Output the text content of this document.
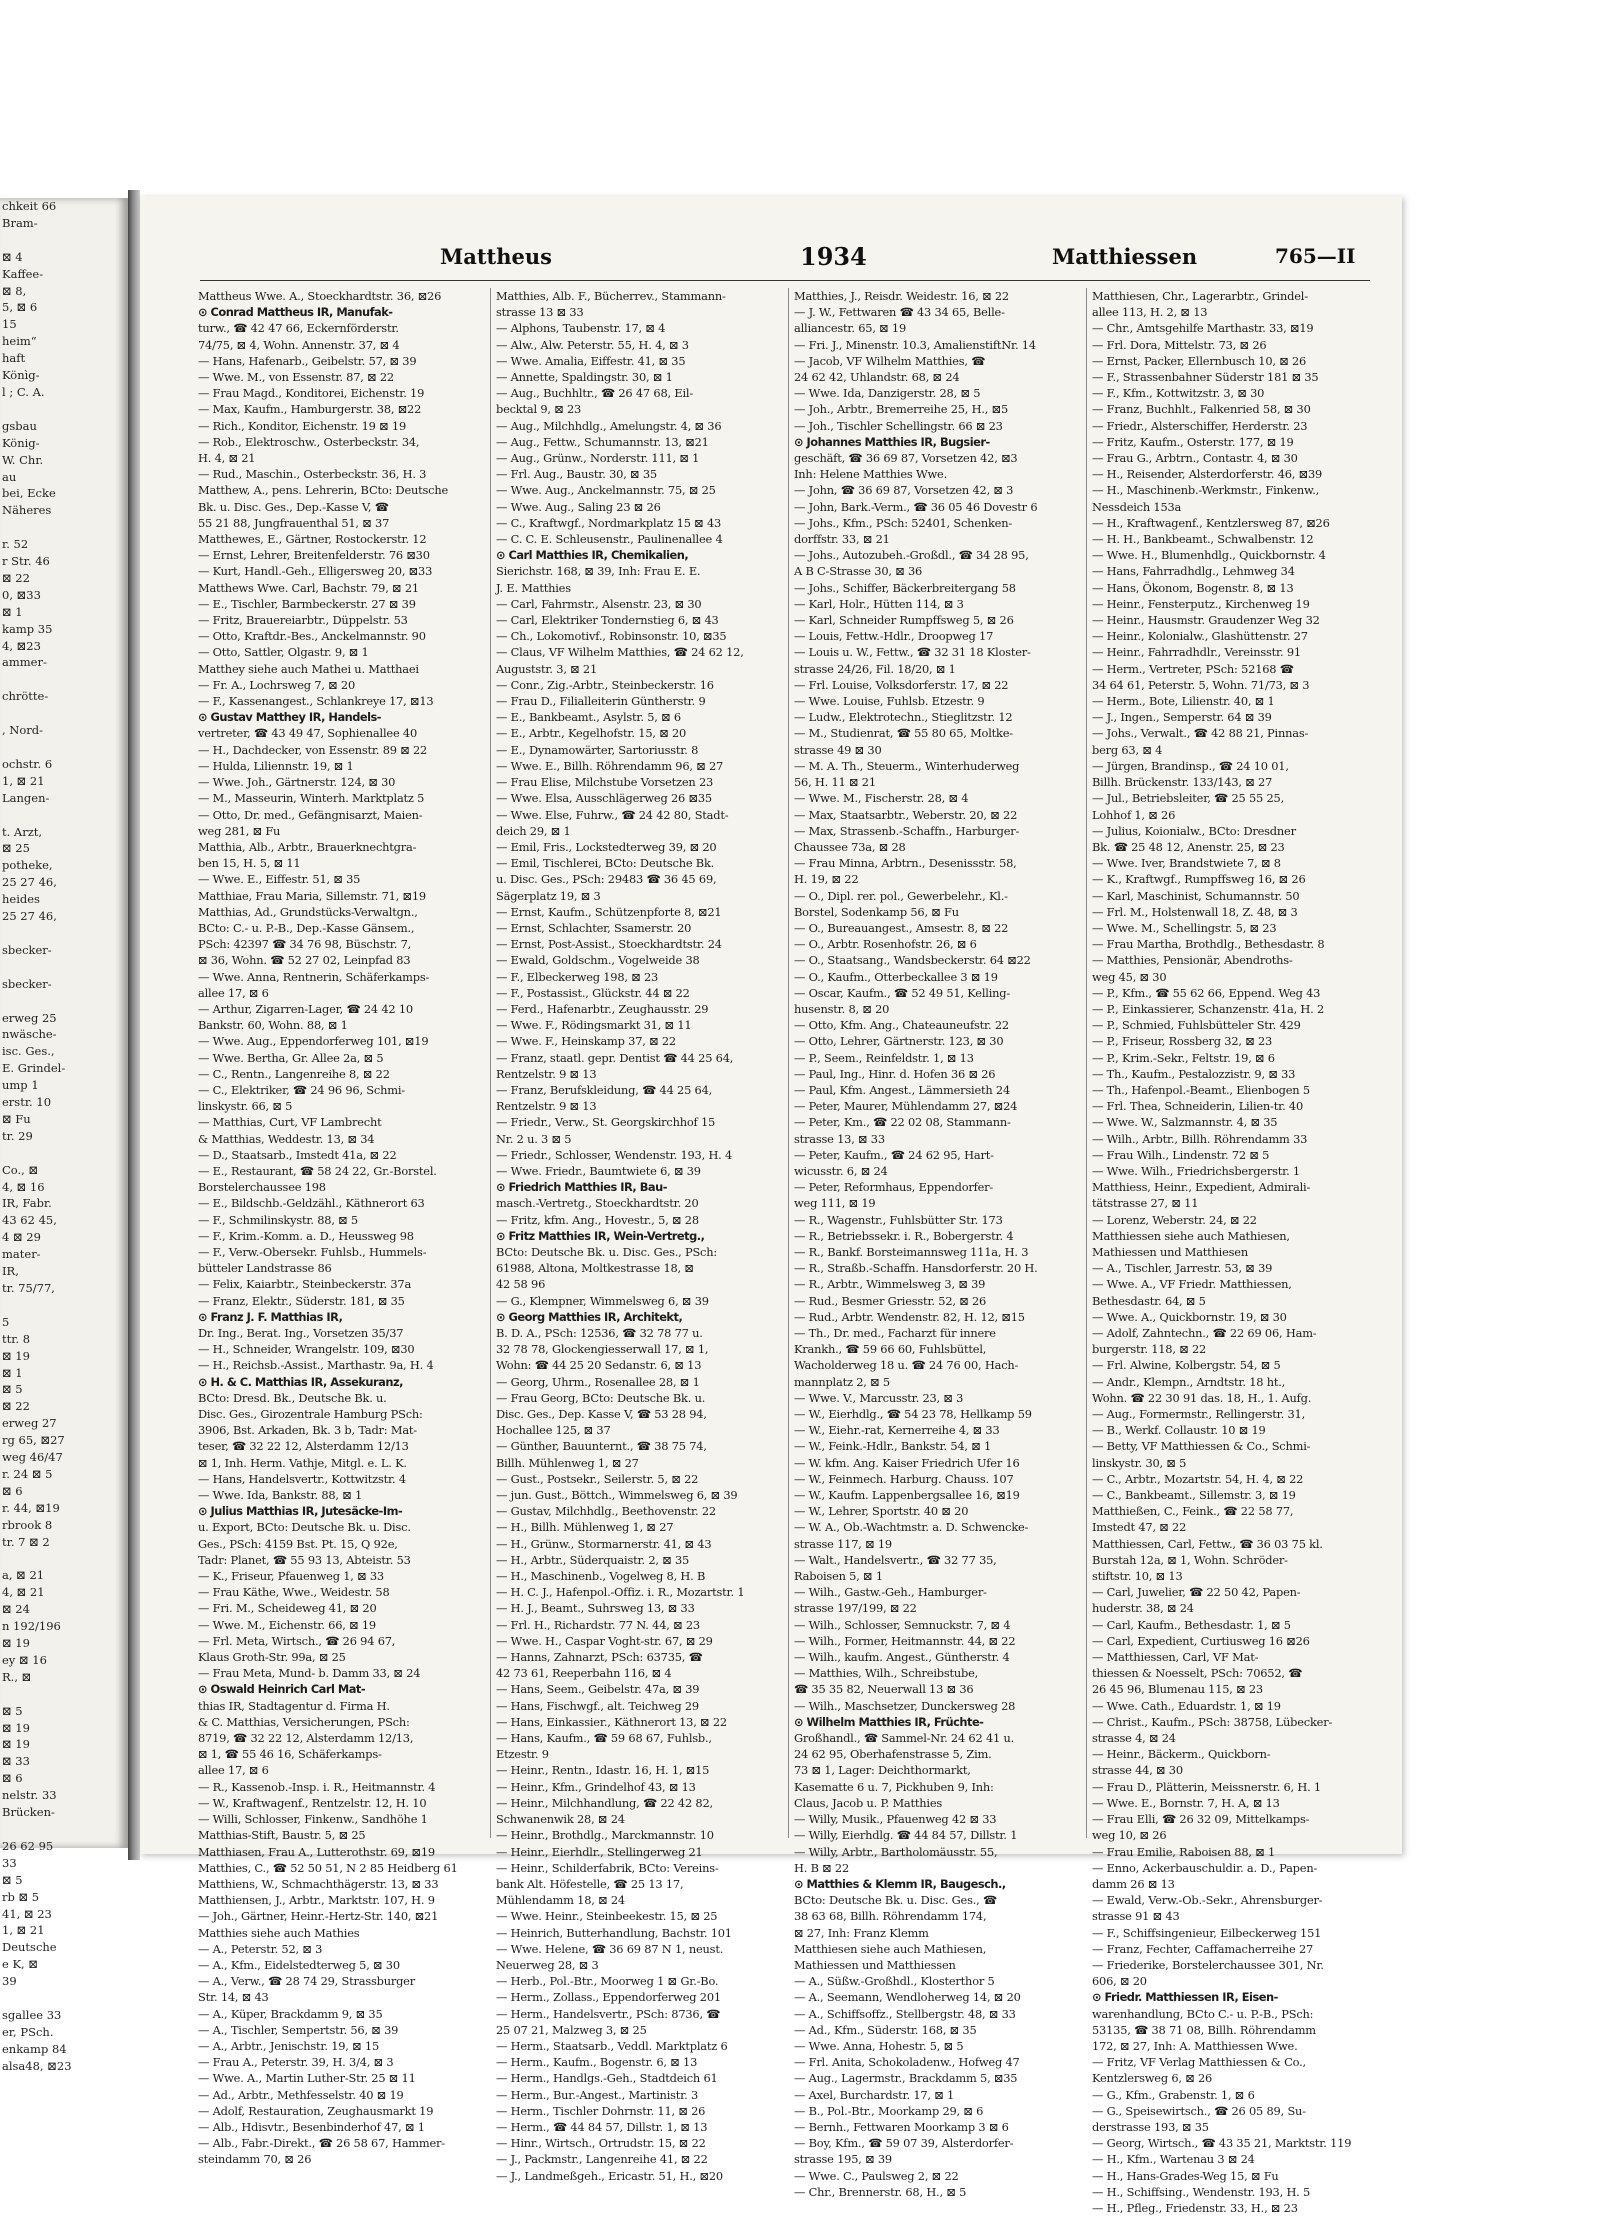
chkeit 66

Bram-

⊠ 4

Kaffee-

⊠ 8,

5, ⊠ 6

15

heim“

haft

Könìg-

l ; C. A.

gsbau

König-

W. Chr.

au

bei, Ecke

Näheres

r. 52

r Str. 46

⊠ 22

0, ⊠33

⊠ 1

kamp 35

4, ⊠23

ammer-

chrötte-

, Nord-

ochstr. 6

1, ⊠ 21

Langen-

t. Arzt,

⊠ 25

potheke,

25 27 46,

heides

25 27 46,

sbecker-

sbecker-

erweg 25

nwäsche-

isc. Ges.,

E. Grindel-

ump 1

erstr. 10

⊠ Fu

tr. 29

Co., ⊠

4, ⊠ 16

IR, Fabr.

43 62 45,

4 ⊠ 29

mater-

IR,

tr. 75/77,

5

ttr. 8

⊠ 19

⊠ 1

⊠ 5

⊠ 22

erweg 27

rg 65, ⊠27

weg 46/47

r. 24 ⊠ 5

⊠ 6

r. 44, ⊠19

rbrook 8

tr. 7 ⊠ 2

a, ⊠ 21

4, ⊠ 21

⊠ 24

n 192/196

⊠ 19

ey ⊠ 16

R., ⊠

⊠ 5

⊠ 19

⊠ 19

⊠ 33

⊠ 6

nelstr. 33

Brücken-

26 62 95

33

⊠ 5

rb ⊠ 5

41, ⊠ 23

1, ⊠ 21

Deutsche

e K, ⊠

39

sgallee 33

er, PSch.

enkamp 84

alsa48, ⊠23

Mattheus	1934	Matthiessen	765—II

Mattheus Wwe. A., Stoeckhardtstr. 36, ⊠26

⊙ Conrad Mattheus IR, Manufak-

turw., ☎ 42 47 66, Eckernförderstr.

74/75, ⊠ 4, Wohn. Annenstr. 37, ⊠ 4

— Hans, Hafenarb., Geibelstr. 57, ⊠ 39

— Wwe. M., von Essenstr. 87, ⊠ 22

— Frau Magd., Konditorei, Eichenstr. 19

— Max, Kaufm., Hamburgerstr. 38, ⊠22

— Rich., Konditor, Eichenstr. 19 ⊠ 19

— Rob., Elektroschw., Osterbeckstr. 34,

H. 4, ⊠ 21

— Rud., Maschin., Osterbeckstr. 36, H. 3

Matthew, A., pens. Lehrerin, BCto: Deutsche

Bk. u. Disc. Ges., Dep.-Kasse V, ☎

55 21 88, Jungfrauenthal 51, ⊠ 37

Matthewes, E., Gärtner, Rostockerstr. 12

— Ernst, Lehrer, Breitenfelderstr. 76 ⊠30

— Kurt, Handl.-Geh., Elligersweg 20, ⊠33

Matthews Wwe. Carl, Bachstr. 79, ⊠ 21

— E., Tischler, Barmbeckerstr. 27 ⊠ 39

— Fritz, Brauereiarbtr., Düppelstr. 53

— Otto, Kraftdr.-Bes., Anckelmannstr. 90

— Otto, Sattler, Olgastr. 9, ⊠ 1

Matthey siehe auch Mathei u. Matthaei

— Fr. A., Lochrsweg 7, ⊠ 20

— F., Kassenangest., Schlankreye 17, ⊠13

⊙ Gustav Matthey IR, Handels-

vertreter, ☎ 43 49 47, Sophienallee 40

— H., Dachdecker, von Essenstr. 89 ⊠ 22

— Hulda, Liliennstr. 19, ⊠ 1

— Wwe. Joh., Gärtnerstr. 124, ⊠ 30

— M., Masseurin, Winterh. Marktplatz 5

— Otto, Dr. med., Gefängnisarzt, Maien-

weg 281, ⊠ Fu

Matthia, Alb., Arbtr., Brauerknechtgra-

ben 15, H. 5, ⊠ 11

— Wwe. E., Eiffestr. 51, ⊠ 35

Matthiae, Frau Maria, Sillemstr. 71, ⊠19

Matthias, Ad., Grundstücks-Verwaltgn.,

BCto: C.- u. P.-B., Dep.-Kasse Gänsem.,

PSch: 42397 ☎ 34 76 98, Büschstr. 7,

⊠ 36, Wohn. ☎ 52 27 02, Leinpfad 83

— Wwe. Anna, Rentnerin, Schäferkamps-

allee 17, ⊠ 6

— Arthur, Zigarren-Lager, ☎ 24 42 10

Bankstr. 60, Wohn. 88, ⊠ 1

— Wwe. Aug., Eppendorferweg 101, ⊠19

— Wwe. Bertha, Gr. Allee 2a, ⊠ 5

— C., Rentn., Langenreihe 8, ⊠ 22

— C., Elektriker, ☎ 24 96 96, Schmi-

linskystr. 66, ⊠ 5

— Matthias, Curt, VF Lambrecht

& Matthias, Weddestr. 13, ⊠ 34

— D., Staatsarb., Imstedt 41a, ⊠ 22

— E., Restaurant, ☎ 58 24 22, Gr.-Borstel.

Borstelerchaussee 198

— E., Bildschb.-Geldzähl., Käthnerort 63

— F., Schmilinskystr. 88, ⊠ 5

— F., Krim.-Komm. a. D., Heussweg 98

— F., Verw.-Obersekr. Fuhlsb., Hummels-

bütteler Landstrasse 86

— Felix, Kaiarbtr., Steinbeckerstr. 37a

— Franz, Elektr., Süderstr. 181, ⊠ 35

⊙ Franz J. F. Matthias IR,

Dr. Ing., Berat. Ing., Vorsetzen 35/37

— H., Schneider, Wrangelstr. 109, ⊠30

— H., Reichsb.-Assist., Marthastr. 9a, H. 4

⊙ H. & C. Matthias IR, Assekuranz,

BCto: Dresd. Bk., Deutsche Bk. u.

Disc. Ges., Girozentrale Hamburg PSch:

3906, Bst. Arkaden, Bk. 3 b, Tadr: Mat-

teser, ☎ 32 22 12, Alsterdamm 12/13

⊠ 1, Inh. Herm. Vathje, Mitgl. e. L. K.

— Hans, Handelsvertr., Kottwitzstr. 4

— Wwe. Ida, Bankstr. 88, ⊠ 1

⊙ Julius Matthias IR, Jutesäcke-Im-

u. Export, BCto: Deutsche Bk. u. Disc.

Ges., PSch: 4159 Bst. Pt. 15, Q 92e,

Tadr: Planet, ☎ 55 93 13, Abteistr. 53

— K., Friseur, Pfauenweg 1, ⊠ 33

— Frau Käthe, Wwe., Weidestr. 58

— Fri. M., Scheideweg 41, ⊠ 20

— Wwe. M., Eichenstr. 66, ⊠ 19

— Frl. Meta, Wirtsch., ☎ 26 94 67,

Klaus Groth-Str. 99a, ⊠ 25

— Frau Meta, Mund- b. Damm 33, ⊠ 24

⊙ Oswald Heinrich Carl Mat-

thias IR, Stadtagentur d. Firma H.

& C. Matthias, Versicherungen, PSch:

8719, ☎ 32 22 12, Alsterdamm 12/13,

⊠ 1, ☎ 55 46 16, Schäferkamps-

allee 17, ⊠ 6

— R., Kassenob.-Insp. i. R., Heitmannstr. 4

— W., Kraftwagenf., Rentzelstr. 12, H. 10

— Willi, Schlosser, Finkenw., Sandhöhe 1

Matthias-Stift, Baustr. 5, ⊠ 25

Matthiasen, Frau A., Lutterothstr. 69, ⊠19

Matthies, C., ☎ 52 50 51, N 2 85 Heidberg 61

Matthiens, W., Schmachthägerstr. 13, ⊠ 33

Matthiensen, J., Arbtr., Marktstr. 107, H. 9

— Joh., Gärtner, Heinr.-Hertz-Str. 140, ⊠21

Matthies siehe auch Mathies

— A., Peterstr. 52, ⊠ 3

— A., Kfm., Eidelstedterweg 5, ⊠ 30

— A., Verw., ☎ 28 74 29, Strassburger

Str. 14, ⊠ 43

— A., Küper, Brackdamm 9, ⊠ 35

— A., Tischler, Sempertstr. 56, ⊠ 39

— A., Arbtr., Jenischstr. 19, ⊠ 15

— Frau A., Peterstr. 39, H. 3/4, ⊠ 3

— Wwe. A., Martin Luther-Str. 25 ⊠ 11

— Ad., Arbtr., Methfesselstr. 40 ⊠ 19

— Adolf, Restauration, Zeughausmarkt 19

— Alb., Hdisvtr., Besenbinderhof 47, ⊠ 1

— Alb., Fabr.-Direkt., ☎ 26 58 67, Hammer-

steindamm 70, ⊠ 26

Matthies, Alb. F., Bücherrev., Stammann-

strasse 13 ⊠ 33

— Alphons, Taubenstr. 17, ⊠ 4

— Alw., Alw. Peterstr. 55, H. 4, ⊠ 3

— Wwe. Amalia, Eiffestr. 41, ⊠ 35

— Annette, Spaldingstr. 30, ⊠ 1

— Aug., Buchhltr., ☎ 26 47 68, Eil-

becktal 9, ⊠ 23

— Aug., Milchhdlg., Amelungstr. 4, ⊠ 36

— Aug., Fettw., Schumannstr. 13, ⊠21

— Aug., Grünw., Norderstr. 111, ⊠ 1

— Frl. Aug., Baustr. 30, ⊠ 35

— Wwe. Aug., Anckelmannstr. 75, ⊠ 25

— Wwe. Aug., Saling 23 ⊠ 26

— C., Kraftwgf., Nordmarkplatz 15 ⊠ 43

— C. C. E. Schleusenstr., Paulinenallee 4

⊙ Carl Matthies IR, Chemikalien,

Sierichstr. 168, ⊠ 39, Inh: Frau E. E.

J. E. Matthies

— Carl, Fahrmstr., Alsenstr. 23, ⊠ 30

— Carl, Elektriker Tondernstieg 6, ⊠ 43

— Ch., Lokomotivf., Robinsonstr. 10, ⊠35

— Claus, VF Wilhelm Matthies, ☎ 24 62 12,

Auguststr. 3, ⊠ 21

— Conr., Zig.-Arbtr., Steinbeckerstr. 16

— Frau D., Filialleiterin Güntherstr. 9

— E., Bankbeamt., Asylstr. 5, ⊠ 6

— E., Arbtr., Kegelhofstr. 15, ⊠ 20

— E., Dynamowärter, Sartoriusstr. 8

— Wwe. E., Billh. Röhrendamm 96, ⊠ 27

— Frau Elise, Milchstube Vorsetzen 23

— Wwe. Elsa, Ausschlägerweg 26 ⊠35

— Wwe. Else, Fuhrw., ☎ 24 42 80, Stadt-

deich 29, ⊠ 1

— Emil, Fris., Lockstedterweg 39, ⊠ 20

— Emil, Tischlerei, BCto: Deutsche Bk.

u. Disc. Ges., PSch: 29483 ☎ 36 45 69,

Sägerplatz 19, ⊠ 3

— Ernst, Kaufm., Schützenpforte 8, ⊠21

— Ernst, Schlachter, Ssamerstr. 20

— Ernst, Post-Assist., Stoeckhardtstr. 24

— Ewald, Goldschm., Vogelweide 38

— F., Elbeckerweg 198, ⊠ 23

— F., Postassist., Glückstr. 44 ⊠ 22

— Ferd., Hafenarbtr., Zeughausstr. 29

— Wwe. F., Rödingsmarkt 31, ⊠ 11

— Wwe. F., Heinskamp 37, ⊠ 22

— Franz, staatl. gepr. Dentist ☎ 44 25 64,

Rentzelstr. 9 ⊠ 13

— Franz, Berufskleidung, ☎ 44 25 64,

Rentzelstr. 9 ⊠ 13

— Friedr., Verw., St. Georgskirchhof 15

Nr. 2 u. 3 ⊠ 5

— Friedr., Schlosser, Wendenstr. 193, H. 4

— Wwe. Friedr., Baumtwiete 6, ⊠ 39

⊙ Friedrich Matthies IR, Bau-

masch.-Vertretg., Stoeckhardtstr. 20

— Fritz, kfm. Ang., Hovestr., 5, ⊠ 28

⊙ Fritz Matthies IR, Wein-Vertretg.,

BCto: Deutsche Bk. u. Disc. Ges., PSch:

61988, Altona, Moltkestrasse 18, ⊠

42 58 96

— G., Klempner, Wimmelsweg 6, ⊠ 39

⊙ Georg Matthies IR, Architekt,

B. D. A., PSch: 12536, ☎ 32 78 77 u.

32 78 78, Glockengiesserwall 17, ⊠ 1,

Wohn: ☎ 44 25 20 Sedanstr. 6, ⊠ 13

— Georg, Uhrm., Rosenallee 28, ⊠ 1

— Frau Georg, BCto: Deutsche Bk. u.

Disc. Ges., Dep. Kasse V, ☎ 53 28 94,

Hochallee 125, ⊠ 37

— Günther, Bauunternt., ☎ 38 75 74,

Billh. Mühlenweg 1, ⊠ 27

— Gust., Postsekr., Seilerstr. 5, ⊠ 22

— jun. Gust., Böttch., Wimmelsweg 6, ⊠ 39

— Gustav, Milchhdlg., Beethovenstr. 22

— H., Billh. Mühlenweg 1, ⊠ 27

— H., Grünw., Stormarnerstr. 41, ⊠ 43

— H., Arbtr., Süderquaistr. 2, ⊠ 35

— H., Maschinenb., Vogelweg 8, H. B

— H. C. J., Hafenpol.-Offiz. i. R., Mozartstr. 1

— H. J., Beamt., Suhrsweg 13, ⊠ 33

— Frl. H., Richardstr. 77 N. 44, ⊠ 23

— Wwe. H., Caspar Voght-str. 67, ⊠ 29

— Hanns, Zahnarzt, PSch: 63735, ☎

42 73 61, Reeperbahn 116, ⊠ 4

— Hans, Seem., Geibelstr. 47a, ⊠ 39

— Hans, Fischwgf., alt. Teichweg 29

— Hans, Einkassier., Käthnerort 13, ⊠ 22

— Hans, Kaufm., ☎ 59 68 67, Fuhlsb.,

Etzestr. 9

— Heinr., Rentn., Idastr. 16, H. 1, ⊠15

— Heinr., Kfm., Grindelhof 43, ⊠ 13

— Heinr., Milchhandlung, ☎ 22 42 82,

Schwanenwik 28, ⊠ 24

— Heinr., Brothdlg., Marckmannstr. 10

— Heinr., Eierhdlr., Stellingerweg 21

— Heinr., Schilderfabrik, BCto: Vereins-

bank Alt. Höfestelle, ☎ 25 13 17,

Mühlendamm 18, ⊠ 24

— Wwe. Heinr., Steinbeekestr. 15, ⊠ 25

— Heinrich, Butterhandlung, Bachstr. 101

— Wwe. Helene, ☎ 36 69 87 N 1, neust.

Neuerweg 28, ⊠ 3

— Herb., Pol.-Btr., Moorweg 1 ⊠ Gr.-Bo.

— Herm., Zollass., Eppendorferweg 201

— Herm., Handelsvertr., PSch: 8736, ☎

25 07 21, Malzweg 3, ⊠ 25

— Herm., Staatsarb., Veddl. Marktplatz 6

— Herm., Kaufm., Bogenstr. 6, ⊠ 13

— Herm., Handlgs.-Geh., Stadtdeich 61

— Herm., Bur.-Angest., Martinistr. 3

— Herm., Tischler Dohrnstr. 11, ⊠ 26

— Herm., ☎ 44 84 57, Dillstr. 1, ⊠ 13

— Hinr., Wirtsch., Ortrudstr. 15, ⊠ 22

— J., Packmstr., Langenreihe 41, ⊠ 22

— J., Landmeßgeh., Ericastr. 51, H., ⊠20

Matthies, J., Reisdr. Weidestr. 16, ⊠ 22

— J. W., Fettwaren ☎ 43 34 65, Belle-

alliancestr. 65, ⊠ 19

— Fri. J., Minenstr. 10.3, AmalienstiftNr. 14

— Jacob, VF Wilhelm Matthies, ☎

24 62 42, Uhlandstr. 68, ⊠ 24

— Wwe. Ida, Danzigerstr. 28, ⊠ 5

— Joh., Arbtr., Bremerreihe 25, H., ⊠5

— Joh., Tischler Schellingstr. 66 ⊠ 23

⊙ Johannes Matthies IR, Bugsier-

geschäft, ☎ 36 69 87, Vorsetzen 42, ⊠3

Inh: Helene Matthies Wwe.

— John, ☎ 36 69 87, Vorsetzen 42, ⊠ 3

— John, Bark.-Verm., ☎ 36 05 46 Dovestr 6

— Johs., Kfm., PSch: 52401, Schenken-

dorffstr. 33, ⊠ 21

— Johs., Autozubeh.-Großdl., ☎ 34 28 95,

A B C-Strasse 30, ⊠ 36

— Johs., Schiffer, Bäckerbreitergang 58

— Karl, Holr., Hütten 114, ⊠ 3

— Karl, Schneider Rumpffsweg 5, ⊠ 26

— Louis, Fettw.-Hdlr., Droopweg 17

— Louis u. W., Fettw., ☎ 32 31 18 Kloster-

strasse 24/26, Fil. 18/20, ⊠ 1

— Frl. Louise, Volksdorferstr. 17, ⊠ 22

— Wwe. Louise, Fuhlsb. Etzestr. 9

— Ludw., Elektrotechn., Stieglitzstr. 12

— M., Studienrat, ☎ 55 80 65, Moltke-

strasse 49 ⊠ 30

— M. A. Th., Steuerm., Winterhuderweg

56, H. 11 ⊠ 21

— Wwe. M., Fischerstr. 28, ⊠ 4

— Max, Staatsarbtr., Weberstr. 20, ⊠ 22

— Max, Strassenb.-Schaffn., Harburger-

Chaussee 73a, ⊠ 28

— Frau Minna, Arbtrn., Desenissstr. 58,

H. 19, ⊠ 22

— O., Dipl. rer. pol., Gewerbelehr., Kl.-

Borstel, Sodenkamp 56, ⊠ Fu

— O., Bureauangest., Amsestr. 8, ⊠ 22

— O., Arbtr. Rosenhofstr. 26, ⊠ 6

— O., Staatsang., Wandsbeckerstr. 64 ⊠22

— O., Kaufm., Otterbeckallee 3 ⊠ 19

— Oscar, Kaufm., ☎ 52 49 51, Kelling-

husenstr. 8, ⊠ 20

— Otto, Kfm. Ang., Chateauneufstr. 22

— Otto, Lehrer, Gärtnerstr. 123, ⊠ 30

— P., Seem., Reinfeldstr. 1, ⊠ 13

— Paul, Ing., Hinr. d. Hofen 36 ⊠ 26

— Paul, Kfm. Angest., Lämmersieth 24

— Peter, Maurer, Mühlendamm 27, ⊠24

— Peter, Km., ☎ 22 02 08, Stammann-

strasse 13, ⊠ 33

— Peter, Kaufm., ☎ 24 62 95, Hart-

wicusstr. 6, ⊠ 24

— Peter, Reformhaus, Eppendorfer-

weg 111, ⊠ 19

— R., Wagenstr., Fuhlsbütter Str. 173

— R., Betriebssekr. i. R., Bobergerstr. 4

— R., Bankf. Borsteimannsweg 111a, H. 3

— R., Straßb.-Schaffn. Hansdorferstr. 20 H.

— R., Arbtr., Wimmelsweg 3, ⊠ 39

— Rud., Besmer Griesstr. 52, ⊠ 26

— Rud., Arbtr. Wendenstr. 82, H. 12, ⊠15

— Th., Dr. med., Facharzt für innere

Krankh., ☎ 59 66 60, Fuhlsbüttel,

Wacholderweg 18 u. ☎ 24 76 00, Hach-

mannplatz 2, ⊠ 5

— Wwe. V., Marcusstr. 23, ⊠ 3

— W., Eierhdlg., ☎ 54 23 78, Hellkamp 59

— W., Eiehr.-rat, Kernerreihe 4, ⊠ 33

— W., Feink.-Hdlr., Bankstr. 54, ⊠ 1

— W. kfm. Ang. Kaiser Friedrich Ufer 16

— W., Feinmech. Harburg. Chauss. 107

— W., Kaufm. Lappenbergsallee 16, ⊠19

— W., Lehrer, Sportstr. 40 ⊠ 20

— W. A., Ob.-Wachtmstr. a. D. Schwencke-

strasse 117, ⊠ 19

— Walt., Handelsvertr., ☎ 32 77 35,

Raboisen 5, ⊠ 1

— Wilh., Gastw.-Geh., Hamburger-

strasse 197/199, ⊠ 22

— Wilh., Schlosser, Semnuckstr. 7, ⊠ 4

— Wilh., Former, Heitmannstr. 44, ⊠ 22

— Wilh., kaufm. Angest., Güntherstr. 4

— Matthies, Wilh., Schreibstube,

☎ 35 35 82, Neuerwall 13 ⊠ 36

— Wilh., Maschsetzer, Dunckersweg 28

⊙ Wilhelm Matthies IR, Früchte-

Großhandl., ☎ Sammel-Nr. 24 62 41 u.

24 62 95, Oberhafenstrasse 5, Zim.

73 ⊠ 1, Lager: Deichthormarkt,

Kasematte 6 u. 7, Pickhuben 9, Inh:

Claus, Jacob u. P. Matthies

— Willy, Musik., Pfauenweg 42 ⊠ 33

— Willy, Eierhdlg. ☎ 44 84 57, Dillstr. 1

— Willy, Arbtr., Bartholomäusstr. 55,

H. B ⊠ 22

⊙ Matthies & Klemm IR, Baugesch.,

BCto: Deutsche Bk. u. Disc. Ges., ☎

38 63 68, Billh. Röhrendamm 174,

⊠ 27, Inh: Franz Klemm

Matthiesen siehe auch Mathiesen,

Mathiessen und Matthiessen

— A., Süßw.-Großhdl., Klosterthor 5

— A., Seemann, Wendloherweg 14, ⊠ 20

— A., Schiffsoffz., Stellbergstr. 48, ⊠ 33

— Ad., Kfm., Süderstr. 168, ⊠ 35

— Wwe. Anna, Hohestr. 5, ⊠ 5

— Frl. Anita, Schokoladenw., Hofweg 47

— Aug., Lagermstr., Brackdamm 5, ⊠35

— Axel, Burchardstr. 17, ⊠ 1

— B., Pol.-Btr., Moorkamp 29, ⊠ 6

— Bernh., Fettwaren Moorkamp 3 ⊠ 6

— Boy, Kfm., ☎ 59 07 39, Alsterdorfer-

strasse 195, ⊠ 39

— Wwe. C., Paulsweg 2, ⊠ 22

— Chr., Brennerstr. 68, H., ⊠ 5

Matthiesen, Chr., Lagerarbtr., Grindel-

allee 113, H. 2, ⊠ 13

— Chr., Amtsgehilfe Marthastr. 33, ⊠19

— Frl. Dora, Mittelstr. 73, ⊠ 26

— Ernst, Packer, Ellernbusch 10, ⊠ 26

— F., Strassenbahner Süderstr 181 ⊠ 35

— F., Kfm., Kottwitzstr. 3, ⊠ 30

— Franz, Buchhlt., Falkenried 58, ⊠ 30

— Friedr., Alsterschiffer, Herderstr. 23

— Fritz, Kaufm., Osterstr. 177, ⊠ 19

— Frau G., Arbtrn., Contastr. 4, ⊠ 30

— H., Reisender, Alsterdorferstr. 46, ⊠39

— H., Maschinenb.-Werkmstr., Finkenw.,

Nessdeich 153a

— H., Kraftwagenf., Kentzlersweg 87, ⊠26

— H. H., Bankbeamt., Schwalbenstr. 12

— Wwe. H., Blumenhdlg., Quickbornstr. 4

— Hans, Fahrradhdlg., Lehmweg 34

— Hans, Ökonom, Bogenstr. 8, ⊠ 13

— Heinr., Fensterputz., Kirchenweg 19

— Heinr., Hausmstr. Graudenzer Weg 32

— Heinr., Kolonialw., Glashüttenstr. 27

— Heinr., Fahrradhdlr., Vereinsstr. 91

— Herm., Vertreter, PSch: 52168 ☎

34 64 61, Peterstr. 5, Wohn. 71/73, ⊠ 3

— Herm., Bote, Lilienstr. 40, ⊠ 1

— J., Ingen., Semperstr. 64 ⊠ 39

— Johs., Verwalt., ☎ 42 88 21, Pinnas-

berg 63, ⊠ 4

— Jürgen, Brandinsp., ☎ 24 10 01,

Billh. Brückenstr. 133/143, ⊠ 27

— Jul., Betriebsleiter, ☎ 25 55 25,

Lohhof 1, ⊠ 26

— Julius, Koionialw., BCto: Dresdner

Bk. ☎ 25 48 12, Anenstr. 25, ⊠ 23

— Wwe. Iver, Brandstwiete 7, ⊠ 8

— K., Kraftwgf., Rumpffsweg 16, ⊠ 26

— Karl, Maschinist, Schumannstr. 50

— Frl. M., Holstenwall 18, Z. 48, ⊠ 3

— Wwe. M., Schellingstr. 5, ⊠ 23

— Frau Martha, Brothdlg., Bethesdastr. 8

— Matthies, Pensionär, Abendroths-

weg 45, ⊠ 30

— P., Kfm., ☎ 55 62 66, Eppend. Weg 43

— P., Einkassierer, Schanzenstr. 41a, H. 2

— P., Schmied, Fuhlsbütteler Str. 429

— P., Friseur, Rossberg 32, ⊠ 23

— P., Krim.-Sekr., Feltstr. 19, ⊠ 6

— Th., Kaufm., Pestalozzistr. 9, ⊠ 33

— Th., Hafenpol.-Beamt., Elienbogen 5

— Frl. Thea, Schneiderin, Lilien-tr. 40

— Wwe. W., Salzmannstr. 4, ⊠ 35

— Wilh., Arbtr., Billh. Röhrendamm 33

— Frau Wilh., Lindenstr. 72 ⊠ 5

— Wwe. Wilh., Friedrichsbergerstr. 1

Matthiess, Heinr., Expedient, Admirali-

tätstrasse 27, ⊠ 11

— Lorenz, Weberstr. 24, ⊠ 22

Matthiessen siehe auch Mathiesen,

Mathiessen und Matthiesen

— A., Tischler, Jarrestr. 53, ⊠ 39

— Wwe. A., VF Friedr. Matthiessen,

Bethesdastr. 64, ⊠ 5

— Wwe. A., Quickbornstr. 19, ⊠ 30

— Adolf, Zahntechn., ☎ 22 69 06, Ham-

burgerstr. 118, ⊠ 22

— Frl. Alwine, Kolbergstr. 54, ⊠ 5

— Andr., Klempn., Arndtstr. 18 ht.,

Wohn. ☎ 22 30 91 das. 18, H., 1. Aufg.

— Aug., Formermstr., Rellingerstr. 31,

— B., Werkf. Collaustr. 10 ⊠ 19

— Betty, VF Matthiessen & Co., Schmi-

linskystr. 30, ⊠ 5

— C., Arbtr., Mozartstr. 54, H. 4, ⊠ 22

— C., Bankbeamt., Sillemstr. 3, ⊠ 19

Matthießen, C., Feink., ☎ 22 58 77,

Imstedt 47, ⊠ 22

Matthiessen, Carl, Fettw., ☎ 36 03 75 kl.

Burstah 12a, ⊠ 1, Wohn. Schröder-

stiftstr. 10, ⊠ 13

— Carl, Juwelier, ☎ 22 50 42, Papen-

huderstr. 38, ⊠ 24

— Carl, Kaufm., Bethesdastr. 1, ⊠ 5

— Carl, Expedient, Curtiusweg 16 ⊠26

— Matthiessen, Carl, VF Mat-

thiessen & Noesselt, PSch: 70652, ☎

26 45 96, Blumenau 115, ⊠ 23

— Wwe. Cath., Eduardstr. 1, ⊠ 19

— Christ., Kaufm., PSch: 38758, Lübecker-

strasse 4, ⊠ 24

— Heinr., Bäckerm., Quickborn-

strasse 44, ⊠ 30

— Frau D., Plätterin, Meissnerstr. 6, H. 1

— Wwe. E., Bornstr. 7, H. A, ⊠ 13

— Frau Elli, ☎ 26 32 09, Mittelkamps-

weg 10, ⊠ 26

— Frau Emilie, Raboisen 88, ⊠ 1

— Enno, Ackerbauschuldir. a. D., Papen-

damm 26 ⊠ 13

— Ewald, Verw.-Ob.-Sekr., Ahrensburger-

strasse 91 ⊠ 43

— F., Schiffsingenieur, Eilbeckerweg 151

— Franz, Fechter, Caffamacherreihe 27

— Friederike, Borstelerchaussee 301, Nr.

606, ⊠ 20

⊙ Friedr. Matthiessen IR, Eisen-

warenhandlung, BCto C.- u. P.-B., PSch:

53135, ☎ 38 71 08, Billh. Röhrendamm

172, ⊠ 27, Inh: A. Matthiessen Wwe.

— Fritz, VF Verlag Matthiessen & Co.,

Kentzlersweg 6, ⊠ 26

— G., Kfm., Grabenstr. 1, ⊠ 6

— G., Speisewirtsch., ☎ 26 05 89, Su-

derstrasse 193, ⊠ 35

— Georg, Wirtsch., ☎ 43 35 21, Marktstr. 119

— H., Kfm., Wartenau 3 ⊠ 24

— H., Hans-Grades-Weg 15, ⊠ Fu

— H., Schiffsing., Wendenstr. 193, H. 5

— H., Pfleg., Friedenstr. 33, H., ⊠ 23
